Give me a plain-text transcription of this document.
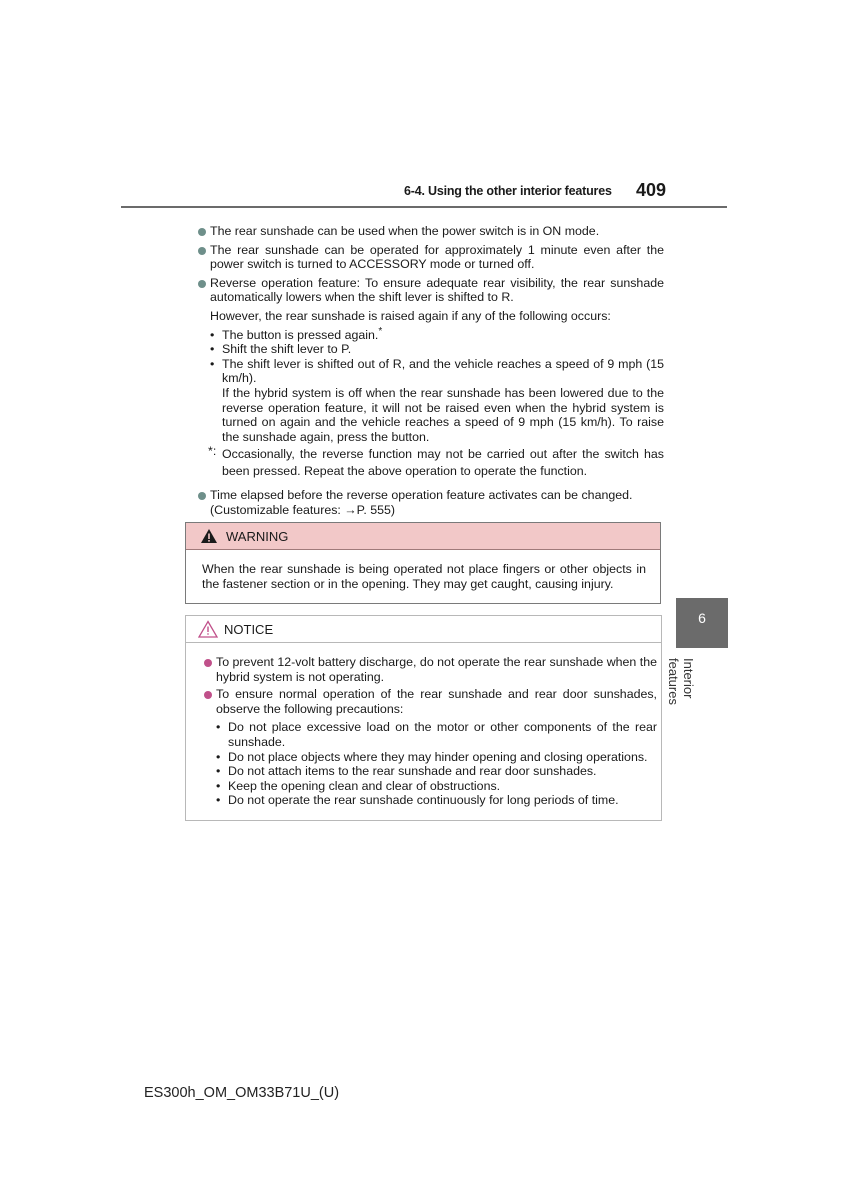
6-4. Using the other interior features 409
The rear sunshade can be used when the power switch is in ON mode.
The rear sunshade can be operated for approximately 1 minute even after the power switch is turned to ACCESSORY mode or turned off.
Reverse operation feature: To ensure adequate rear visibility, the rear sunshade automatically lowers when the shift lever is shifted to R.
However, the rear sunshade is raised again if any of the following occurs:
• The button is pressed again.*
• Shift the shift lever to P.
• The shift lever is shifted out of R, and the vehicle reaches a speed of 9 mph (15 km/h).
If the hybrid system is off when the rear sunshade has been lowered due to the reverse operation feature, it will not be raised even when the hybrid system is turned on again and the vehicle reaches a speed of 9 mph (15 km/h). To raise the sunshade again, press the button.
*: Occasionally, the reverse function may not be carried out after the switch has been pressed. Repeat the above operation to operate the function.
Time elapsed before the reverse operation feature activates can be changed. (Customizable features: →P. 555)
WARNING
When the rear sunshade is being operated not place fingers or other objects in the fastener section or in the opening. They may get caught, causing injury.
NOTICE
To prevent 12-volt battery discharge, do not operate the rear sunshade when the hybrid system is not operating.
To ensure normal operation of the rear sunshade and rear door sunshades, observe the following precautions:
• Do not place excessive load on the motor or other components of the rear sunshade.
• Do not place objects where they may hinder opening and closing operations.
• Do not attach items to the rear sunshade and rear door sunshades.
• Keep the opening clean and clear of obstructions.
• Do not operate the rear sunshade continuously for long periods of time.
6
Interior features
ES300h_OM_OM33B71U_(U)
